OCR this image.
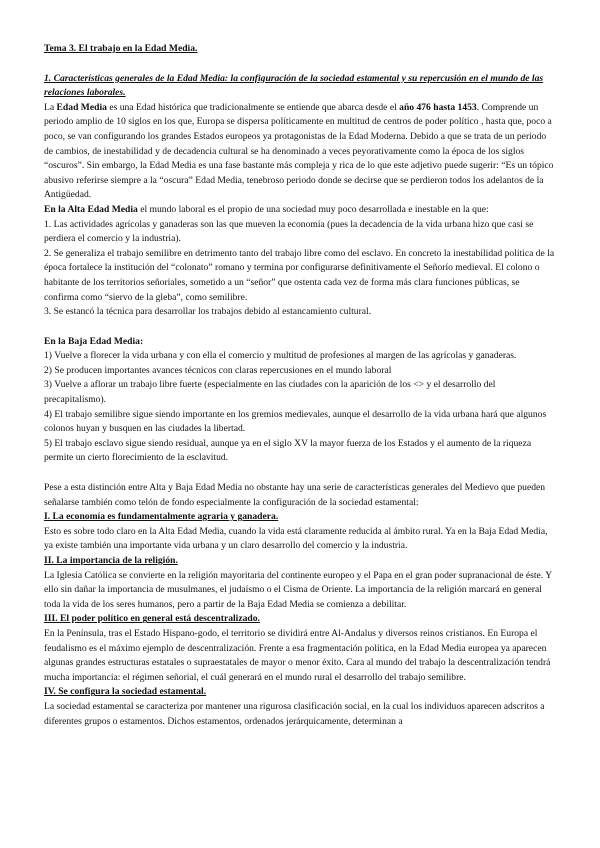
Tema 3. El trabajo en la Edad Media.

1. Características generales de la Edad Media: la configuración de la sociedad estamental y su repercusión en el mundo de las relaciones laborales.

La Edad Media es una Edad histórica que tradicionalmente se entiende que abarca desde el año 476 hasta 1453. Comprende un periodo amplio de 10 siglos en los que, Europa se dispersa políticamente en multitud de centros de poder político , hasta que, poco a poco, se van configurando los grandes Estados europeos ya protagonistas de la Edad Moderna. Debido a que se trata de un periodo de cambios, de inestabilidad y de decadencia cultural se ha denominado a veces peyorativamente como la época de los siglos “oscuros”. Sin embargo, la Edad Media es una fase bastante más compleja y rica de lo que este adjetivo puede sugerir: “Es un tópico abusivo referirse siempre a la “oscura” Edad Media, tenebroso periodo donde se decirse que se perdieron todos los adelantos de la Antigüedad.

En la Alta Edad Media el mundo laboral es el propio de una sociedad muy poco desarrollada e inestable en la que:

1. Las actividades agrícolas y ganaderas son las que mueven la economía (pues la decadencia de la vida urbana hizo que casi se perdiera el comercio y la industria).

2. Se generaliza el trabajo semilibre en detrimento tanto del trabajo libre como del esclavo. En concreto la inestabilidad política de la época fortalece la institución del “colonato” romano y termina por configurarse definitivamente el Señorío medieval. El colono o habitante de los territorios señoriales, sometido a un “señor” que ostenta cada vez de forma más clara funciones públicas, se confirma como “siervo de la gleba”, como semilibre.

3. Se estancó la técnica para desarrollar los trabajos debido al estancamiento cultural.

En la Baja Edad Media:

1) Vuelve a florecer la vida urbana y con ella el comercio y multitud de profesiones al margen de las agrícolas y ganaderas.

2) Se producen importantes avances técnicos con claras repercusiones en el mundo laboral

3) Vuelve a aflorar un trabajo libre fuerte (especialmente en las ciudades con la aparición de los <> y el desarrollo del precapitalismo).

4) El trabajo semilibre sigue siendo importante en los gremios medievales, aunque el desarrollo de la vida urbana hará que algunos colonos huyan y busquen en las ciudades la libertad.

5) El trabajo esclavo sigue siendo residual, aunque ya en el siglo XV la mayor fuerza de los Estados y el aumento de la riqueza permite un cierto florecimiento de la esclavitud.

Pese a esta distinción entre Alta y Baja Edad Media no obstante hay una serie de características generales del Medievo que pueden señalarse también como telón de fondo especialmente la configuración de la sociedad estamental:

I. La economía es fundamentalmente agraria y ganadera.

Esto es sobre todo claro en la Alta Edad Media, cuando la vida está claramente reducida al ámbito rural. Ya en la Baja Edad Media, ya existe también una importante vida urbana y un claro desarrollo del comercio y la industria.

II. La importancia de la religión.

La Iglesia Católica se convierte en la religión mayoritaria del continente europeo y el Papa en el gran poder supranacional de éste. Y ello sin dañar la importancia de musulmanes, el judaísmo o el Cisma de Oriente. La importancia de la religión marcará en general toda la vida de los seres humanos, pero a partir de la Baja Edad Media se comienza a debilitar.

III. El poder político en general está descentralizado.

En la Península, tras el Estado Hispano-godo, el territorio se dividirá entre Al-Andalus y diversos reinos cristianos. En Europa el feudalismo es el máximo ejemplo de descentralización. Frente a esa fragmentación política, en la Edad Media europea ya aparecen algunas grandes estructuras estatales o supraestatales de mayor o menor éxito. Cara al mundo del trabajo la descentralización tendrá mucha importancia: el régimen señorial, el cuál generará en el mundo rural el desarrollo del trabajo semilibre.

IV. Se configura la sociedad estamental.

La sociedad estamental se caracteriza por mantener una rigurosa clasificación social, en la cual los individuos aparecen adscritos a diferentes grupos o estamentos. Dichos estamentos, ordenados jerárquicamente, determinan a
